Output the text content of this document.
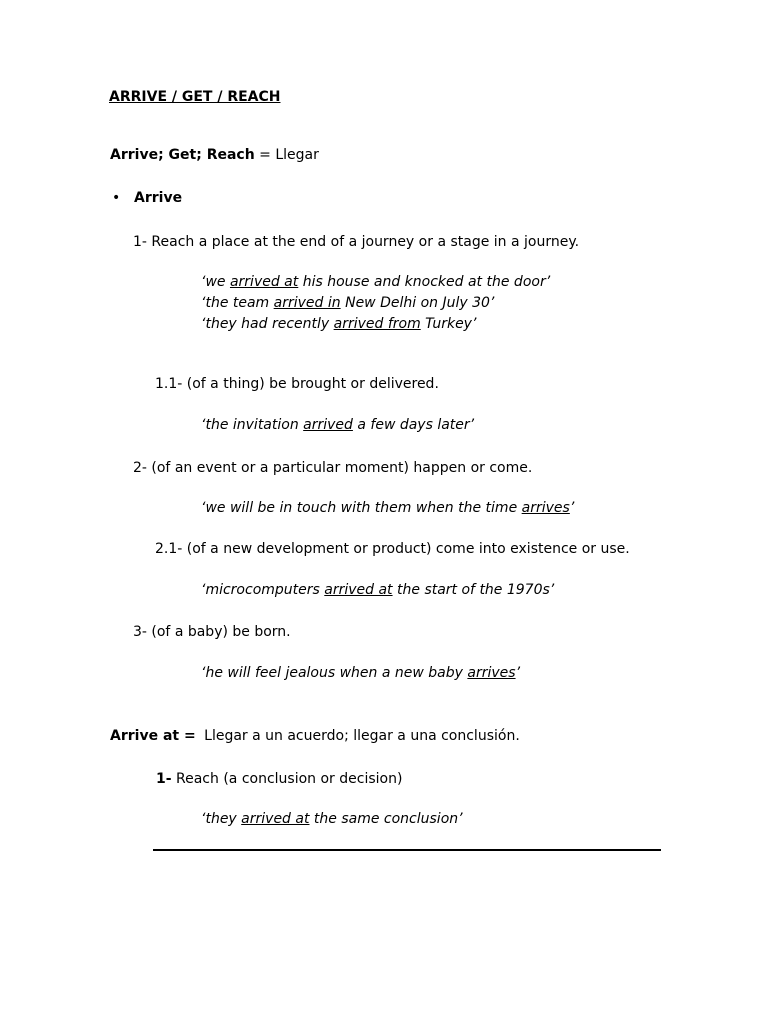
ARRIVE / GET / REACH
Arrive; Get; Reach = Llegar
• Arrive
1- Reach a place at the end of a journey or a stage in a journey.
‘we arrived at his house and knocked at the door’
‘the team arrived in New Delhi on July 30’
‘they had recently arrived from Turkey’
1.1- (of a thing) be brought or delivered.
‘the invitation arrived a few days later’
2- (of an event or a particular moment) happen or come.
‘we will be in touch with them when the time arrives’
2.1- (of a new development or product) come into existence or use.
‘microcomputers arrived at the start of the 1970s’
3- (of a baby) be born.
‘he will feel jealous when a new baby arrives’
Arrive at = Llegar a un acuerdo; llegar a una conclusión.
1- Reach (a conclusion or decision)
‘they arrived at the same conclusion’
